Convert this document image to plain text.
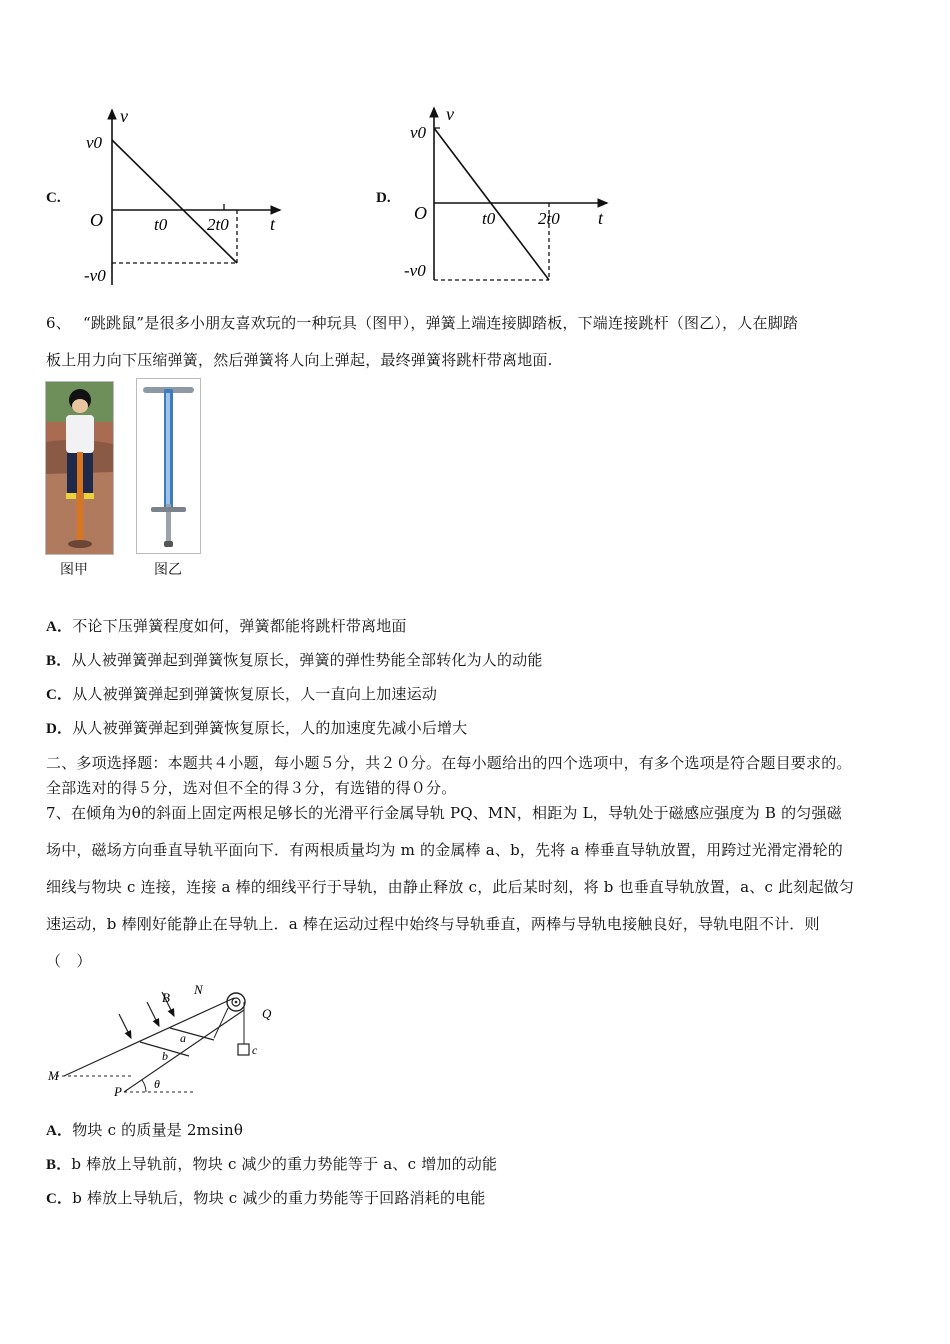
C.
v
v0
O	t0 2t0 t
-v0
D.
v
v0
O	t0	2t0 t
-v0
6、 “跳跳鼠”是很多小朋友喜欢玩的一种玩具（图甲），弹簧上端连接脚踏板，下端连接跳杆（图乙），人在脚踏
板上用力向下压缩弹簧，然后弹簧将人向上弹起，最终弹簧将跳杆带离地面.
图甲	图乙
A．不论下压弹簧程度如何，弹簧都能将跳杆带离地面
B．从人被弹簧弹起到弹簧恢复原长，弹簧的弹性势能全部转化为人的动能
C．从人被弹簧弹起到弹簧恢复原长，人一直向上加速运动
D．从人被弹簧弹起到弹簧恢复原长，人的加速度先减小后增大
二、多项选择题：本题共４小题，每小题５分，共２０分。在每小题给出的四个选项中，有多个选项是符合题目要求的。
全部选对的得５分，选对但不全的得３分，有选错的得０分。
7、在倾角为θ的斜面上固定两根足够长的光滑平行金属导轨 PQ、MN，相距为 L，导轨处于磁感应强度为 B 的匀强磁
场中，磁场方向垂直导轨平面向下．有两根质量均为 m 的金属棒 a、b，先将 a 棒垂直导轨放置，用跨过光滑定滑轮的
细线与物块 c 连接，连接 a 棒的细线平行于导轨，由静止释放 c，此后某时刻，将 b 也垂直导轨放置，a、c 此刻起做匀
速运动，b 棒刚好能静止在导轨上．a 棒在运动过程中始终与导轨垂直，两棒与导轨电接触良好，导轨电阻不计．则
（　）
B
N
Q
a
b	c
M
P	θ
A．物块 c 的质量是 2msinθ
B．b 棒放上导轨前，物块 c 减少的重力势能等于 a、c 增加的动能
C．b 棒放上导轨后，物块 c 减少的重力势能等于回路消耗的电能
